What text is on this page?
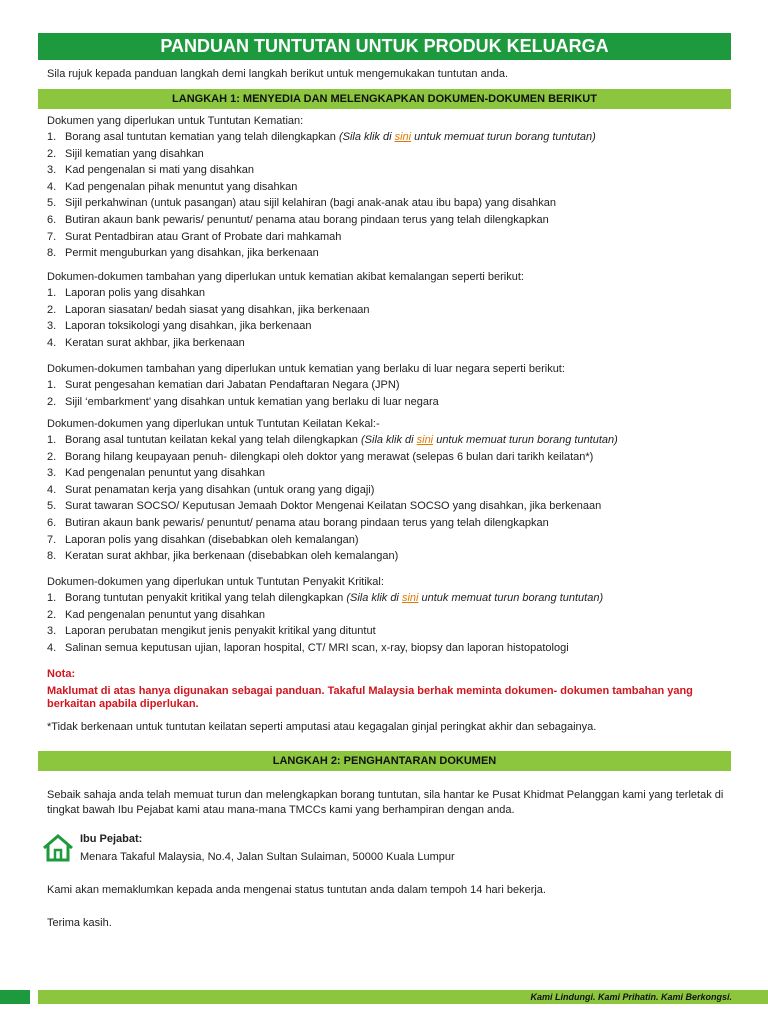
PANDUAN TUNTUTAN UNTUK PRODUK KELUARGA
Sila rujuk kepada panduan langkah demi langkah berikut untuk mengemukakan tuntutan anda.
LANGKAH 1: MENYEDIA DAN MELENGKAPKAN DOKUMEN-DOKUMEN BERIKUT
Dokumen yang diperlukan untuk Tuntutan Kematian:
1. Borang asal tuntutan kematian yang telah dilengkapkan (Sila klik di sini untuk memuat turun borang tuntutan)
2. Sijil kematian yang disahkan
3. Kad pengenalan si mati yang disahkan
4. Kad pengenalan pihak menuntut yang disahkan
5. Sijil perkahwinan (untuk pasangan) atau sijil kelahiran (bagi anak-anak atau ibu bapa) yang disahkan
6. Butiran akaun bank pewaris/ penuntut/ penama atau borang pindaan terus yang telah dilengkapkan
7. Surat Pentadbiran atau Grant of Probate dari mahkamah
8. Permit menguburkan yang disahkan, jika berkenaan
Dokumen-dokumen tambahan yang diperlukan untuk kematian akibat kemalangan seperti berikut:
1. Laporan polis yang disahkan
2. Laporan siasatan/ bedah siasat yang disahkan, jika berkenaan
3. Laporan toksikologi yang disahkan, jika berkenaan
4. Keratan surat akhbar, jika berkenaan
Dokumen-dokumen tambahan yang diperlukan untuk kematian yang berlaku di luar negara seperti berikut:
1. Surat pengesahan kematian dari Jabatan Pendaftaran Negara (JPN)
2. Sijil ‘embarkment’ yang disahkan untuk kematian yang berlaku di luar negara
Dokumen-dokumen yang diperlukan untuk Tuntutan Keilatan Kekal:-
1. Borang asal tuntutan keilatan kekal yang telah dilengkapkan (Sila klik di sini untuk memuat turun borang tuntutan)
2. Borang hilang keupayaan penuh- dilengkapi oleh doktor yang merawat (selepas 6 bulan dari tarikh keilatan*)
3. Kad pengenalan penuntut yang disahkan
4. Surat penamatan kerja yang disahkan (untuk orang yang digaji)
5. Surat tawaran SOCSO/ Keputusan Jemaah Doktor Mengenai Keilatan SOCSO yang disahkan, jika berkenaan
6. Butiran akaun bank pewaris/ penuntut/ penama atau borang pindaan terus yang telah dilengkapkan
7. Laporan polis yang disahkan (disebabkan oleh kemalangan)
8. Keratan surat akhbar, jika berkenaan (disebabkan oleh kemalangan)
Dokumen-dokumen yang diperlukan untuk Tuntutan Penyakit Kritikal:
1. Borang tuntutan penyakit kritikal yang telah dilengkapkan (Sila klik di sini untuk memuat turun borang tuntutan)
2. Kad pengenalan penuntut yang disahkan
3. Laporan perubatan mengikut jenis penyakit kritikal yang dituntut
4. Salinan semua keputusan ujian, laporan hospital, CT/ MRI scan, x-ray, biopsy dan laporan histopatologi
Nota:
Maklumat di atas hanya digunakan sebagai panduan. Takaful Malaysia berhak meminta dokumen- dokumen tambahan yang berkaitan apabila diperlukan.
*Tidak berkenaan untuk tuntutan keilatan seperti amputasi atau kegagalan ginjal peringkat akhir dan sebagainya.
LANGKAH 2: PENGHANTARAN DOKUMEN
Sebaik sahaja anda telah memuat turun dan melengkapkan borang tuntutan, sila hantar ke Pusat Khidmat Pelanggan kami yang terletak di tingkat bawah Ibu Pejabat kami atau mana-mana TMCCs kami yang berhampiran dengan anda.
Ibu Pejabat:
Menara Takaful Malaysia, No.4, Jalan Sultan Sulaiman, 50000 Kuala Lumpur
Kami akan memaklumkan kepada anda mengenai status tuntutan anda dalam tempoh 14 hari bekerja.
Terima kasih.
Kami Lindungi. Kami Prihatin. Kami Berkongsi.
